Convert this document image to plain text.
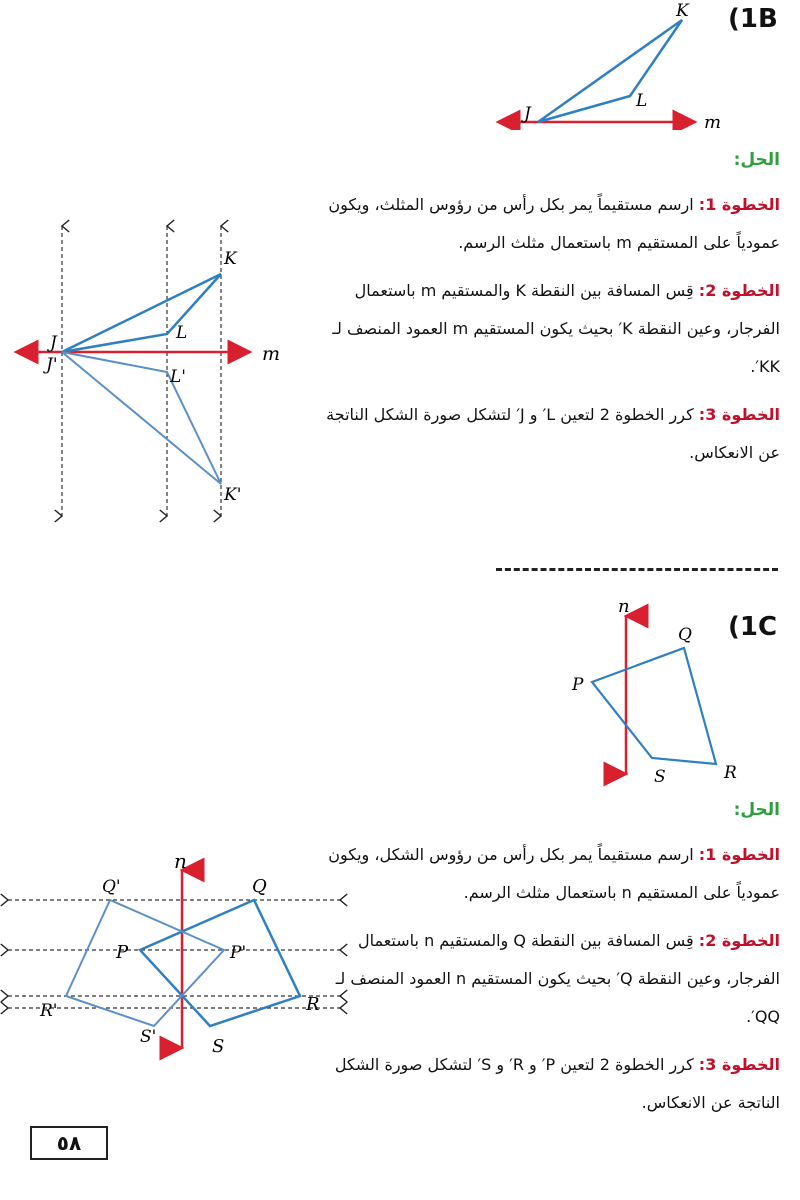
(1B
K
L
J	m
الحل:
الخطوة 1: ارسم مستقيماً يمر بكل رأس من رؤوس المثلث، ويكون عمودياً على المستقيم m باستعمال مثلث الرسم.
الخطوة 2: قِس المسافة بين النقطة K والمستقيم m باستعمال الفرجار، وعين النقطة K′ بحيث يكون المستقيم m العمود المنصف لـ KK′.
الخطوة 3: كرر الخطوة 2 لتعين L′ و J′ لتشكل صورة الشكل الناتجة عن الانعكاس.
K
L
J
J'
L'
K'
m
(1C
n
Q
P
R
S
الحل:
الخطوة 1: ارسم مستقيماً يمر بكل رأس من رؤوس الشكل، ويكون عمودياً على المستقيم n باستعمال مثلث الرسم.
الخطوة 2: قِس المسافة بين النقطة Q والمستقيم n باستعمال الفرجار، وعين النقطة Q′ بحيث يكون المستقيم n العمود المنصف لـ QQ′.
الخطوة 3: كرر الخطوة 2 لتعين P′ و R′ و S′ لتشكل صورة الشكل الناتجة عن الانعكاس.
n
Q'	Q
P	P'
R'	R
S'	S
٥٨
